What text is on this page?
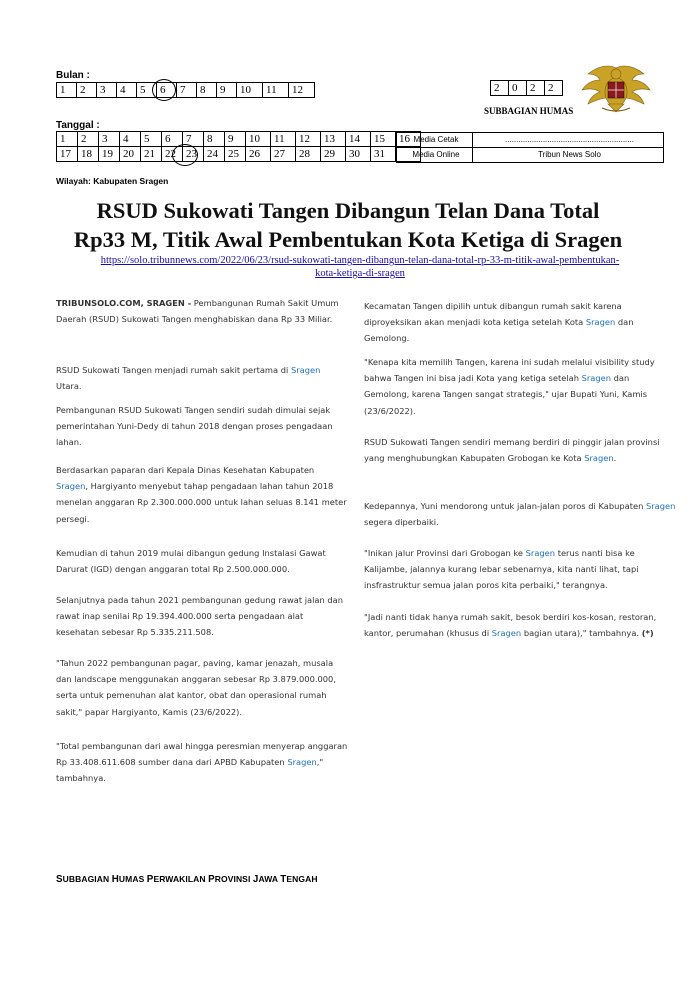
Bulan :
1	2	3	4	5	6	7	8	9	10	11	12	2	0	2	2
SUBBAGIAN HUMAS
Tanggal :
1	2	3	4	5	6	7	8	9	10	11	12	13	14	15	16
17	18	19	20	21	22	23	24	25	26	27	28	29	30	31	
Media Cetak	..........................................................
Media Online	Tribun News Solo
Wilayah: Kabupaten Sragen
RSUD Sukowati Tangen Dibangun Telan Dana Total
Rp33 M, Titik Awal Pembentukan Kota Ketiga di Sragen
https://solo.tribunnews.com/2022/06/23/rsud-sukowati-tangen-dibangun-telan-dana-total-rp-33-m-titik-awal-pembentukan-
kota-ketiga-di-sragen

TRIBUNSOLO.COM, SRAGEN - Pembangunan Rumah Sakit Umum Daerah (RSUD) Sukowati Tangen menghabiskan dana Rp 33 Miliar.

RSUD Sukowati Tangen menjadi rumah sakit pertama di Sragen Utara.

Pembangunan RSUD Sukowati Tangen sendiri sudah dimulai sejak pemerintahan Yuni-Dedy di tahun 2018 dengan proses pengadaan lahan.

Berdasarkan paparan dari Kepala Dinas Kesehatan Kabupaten Sragen, Hargiyanto menyebut tahap pengadaan lahan tahun 2018 menelan anggaran Rp 2.300.000.000 untuk lahan seluas 8.141 meter persegi.

Kemudian di tahun 2019 mulai dibangun gedung Instalasi Gawat Darurat (IGD) dengan anggaran total Rp 2.500.000.000.

Selanjutnya pada tahun 2021 pembangunan gedung rawat jalan dan rawat inap senilai Rp 19.394.400.000 serta pengadaan alat kesehatan sebesar Rp 5.335.211.508.

"Tahun 2022 pembangunan pagar, paving, kamar jenazah, musala dan landscape menggunakan anggaran sebesar Rp 3.879.000.000, serta untuk pemenuhan alat kantor, obat dan operasional rumah sakit," papar Hargiyanto, Kamis (23/6/2022).

"Total pembangunan dari awal hingga peresmian menyerap anggaran Rp 33.408.611.608 sumber dana dari APBD Kabupaten Sragen," tambahnya.

Kecamatan Tangen dipilih untuk dibangun rumah sakit karena diproyeksikan akan menjadi kota ketiga setelah Kota Sragen dan Gemolong.

"Kenapa kita memilih Tangen, karena ini sudah melalui visibility study bahwa Tangen ini bisa jadi Kota yang ketiga setelah Sragen dan Gemolong, karena Tangen sangat strategis," ujar Bupati Yuni, Kamis (23/6/2022).

RSUD Sukowati Tangen sendiri memang berdiri di pinggir jalan provinsi yang menghubungkan Kabupaten Grobogan ke Kota Sragen.

Kedepannya, Yuni mendorong untuk jalan-jalan poros di Kabupaten Sragen segera diperbaiki.

"Inikan jalur Provinsi dari Grobogan ke Sragen terus nanti bisa ke Kalijambe, jalannya kurang lebar sebenarnya, kita nanti lihat, tapi insfrastruktur semua jalan poros kita perbaiki," terangnya.

"Jadi nanti tidak hanya rumah sakit, besok berdiri kos-kosan, restoran, kantor, perumahan (khusus di Sragen bagian utara)," tambahnya. (*)

SUBBAGIAN HUMAS PERWAKILAN PROVINSI JAWA TENGAH
